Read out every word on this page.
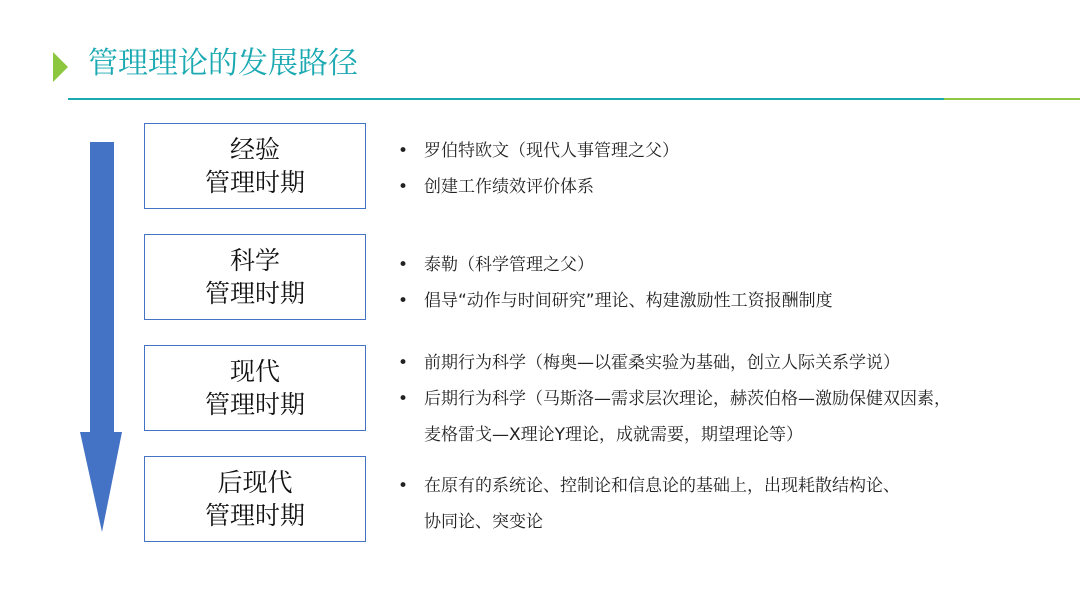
管理理论的发展路径
经验
管理时期
科学
管理时期
现代
管理时期
后现代
管理时期
• 罗伯特欧文（现代人事管理之父）
• 创建工作绩效评价体系
• 泰勒（科学管理之父）
• 倡导“动作与时间研究”理论、构建激励性工资报酬制度
• 前期行为科学（梅奥—以霍桑实验为基础，创立人际关系学说）
• 后期行为科学（马斯洛—需求层次理论，赫茨伯格—激励保健双因素，
麦格雷戈—X理论Y理论，成就需要，期望理论等）
• 在原有的系统论、控制论和信息论的基础上，出现耗散结构论、
协同论、突变论
